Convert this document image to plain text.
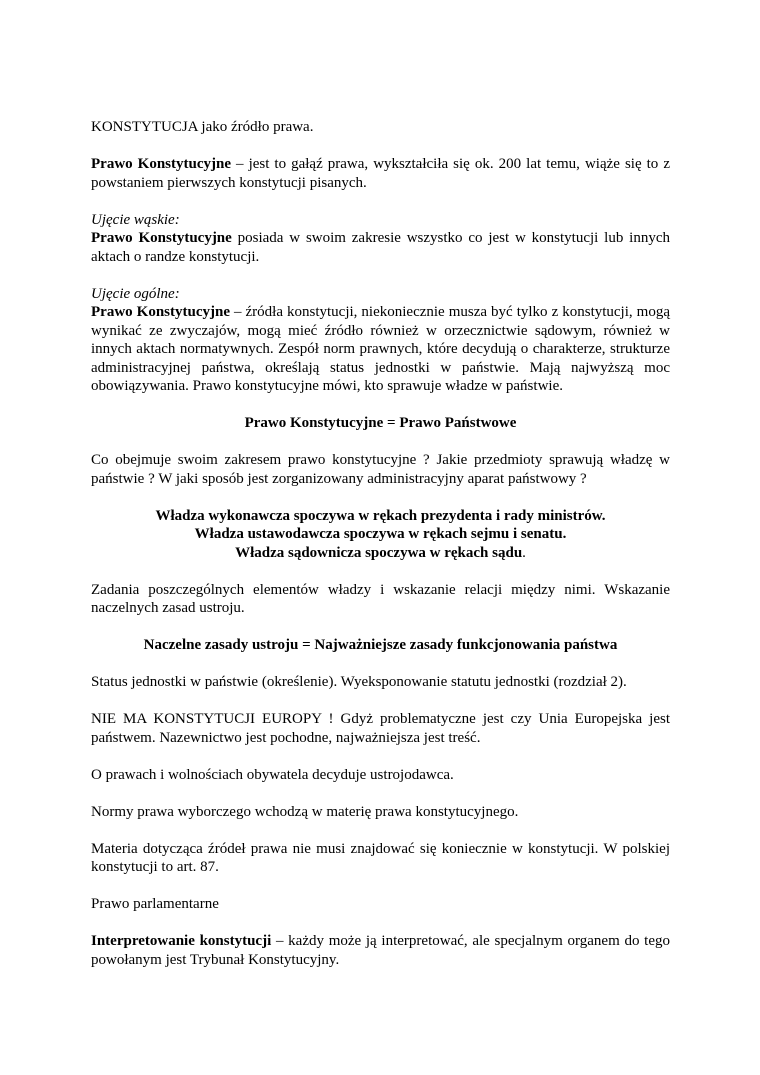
KONSTYTUCJA jako źródło prawa.

Prawo Konstytucyjne – jest to gałąź prawa, wykształciła się ok. 200 lat temu, wiąże się to z powstaniem pierwszych konstytucji pisanych.

Ujęcie wąskie:
Prawo Konstytucyjne posiada w swoim zakresie wszystko co jest w konstytucji lub innych aktach o randze konstytucji.

Ujęcie ogólne:
Prawo Konstytucyjne – źródła konstytucji, niekoniecznie musza być tylko z konstytucji, mogą wynikać ze zwyczajów, mogą mieć źródło również w orzecznictwie sądowym, również w innych aktach normatywnych. Zespół norm prawnych, które decydują o charakterze, strukturze administracyjnej państwa, określają status jednostki w państwie. Mają najwyższą moc obowiązywania. Prawo konstytucyjne mówi, kto sprawuje władze w państwie.

Prawo Konstytucyjne = Prawo Państwowe

Co obejmuje swoim zakresem prawo konstytucyjne ? Jakie przedmioty sprawują władzę w państwie ? W jaki sposób jest zorganizowany administracyjny aparat państwowy ?

Władza wykonawcza spoczywa w rękach prezydenta i rady ministrów.
Władza ustawodawcza spoczywa w rękach sejmu i senatu.
Władza sądownicza spoczywa w rękach sądu.

Zadania poszczególnych elementów władzy i wskazanie relacji między nimi. Wskazanie naczelnych zasad ustroju.

Naczelne zasady ustroju = Najważniejsze zasady funkcjonowania państwa

Status jednostki w państwie (określenie). Wyeksponowanie statutu jednostki (rozdział 2).

NIE MA KONSTYTUCJI EUROPY ! Gdyż problematyczne jest czy Unia Europejska jest państwem. Nazewnictwo jest pochodne, najważniejsza jest treść.

O prawach i wolnościach obywatela decyduje ustrojodawca.

Normy prawa wyborczego wchodzą w materię prawa konstytucyjnego.

Materia dotycząca źródeł prawa nie musi znajdować się koniecznie w konstytucji. W polskiej konstytucji to art. 87.

Prawo parlamentarne

Interpretowanie konstytucji – każdy może ją interpretować, ale specjalnym organem do tego powołanym jest Trybunał Konstytucyjny.
